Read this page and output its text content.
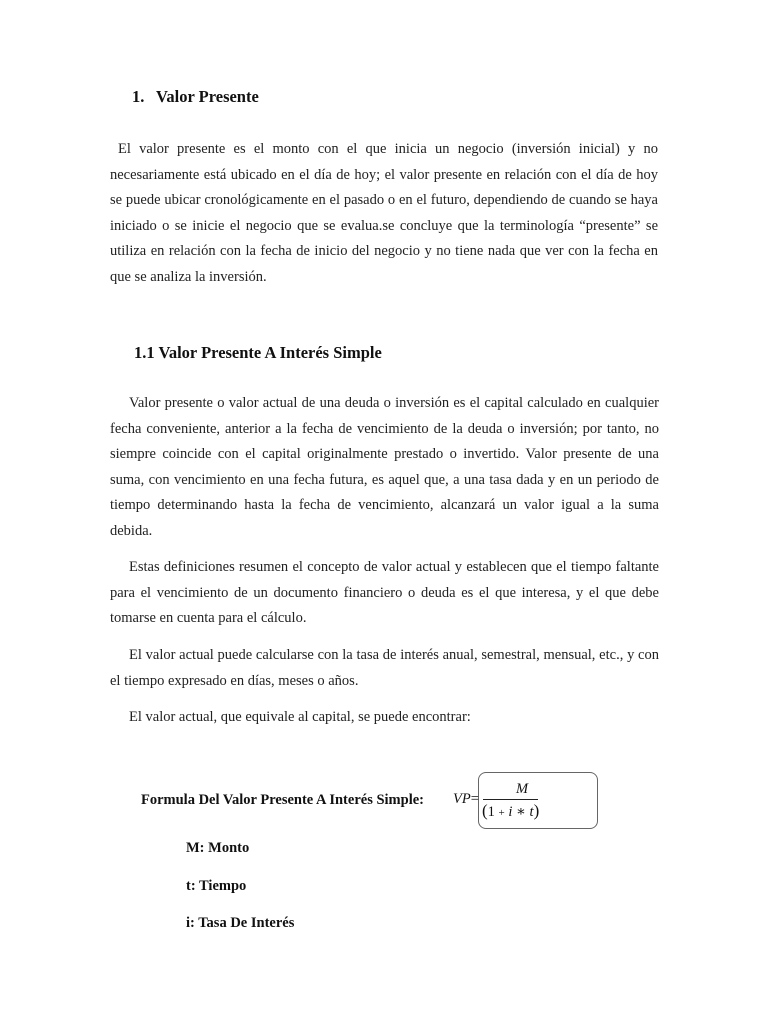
1. Valor Presente

El valor presente es el monto con el que inicia un negocio (inversión inicial) y no necesariamente está ubicado en el día de hoy; el valor presente en relación con el día de hoy se puede ubicar cronológicamente en el pasado o en el futuro, dependiendo de cuando se haya iniciado o se inicie el negocio que se evalua.se concluye que la terminología “presente” se utiliza en relación con la fecha de inicio del negocio y no tiene nada que ver con la fecha en que se analiza la inversión.

1.1 Valor Presente A Interés Simple

Valor presente o valor actual de una deuda o inversión es el capital calculado en cualquier fecha conveniente, anterior a la fecha de vencimiento de la deuda o inversión; por tanto, no siempre coincide con el capital originalmente prestado o invertido. Valor presente de una suma, con vencimiento en una fecha futura, es aquel que, a una tasa dada y en un periodo de tiempo determinando hasta la fecha de vencimiento, alcanzará un valor igual a la suma debida.

Estas definiciones resumen el concepto de valor actual y establecen que el tiempo faltante para el vencimiento de un documento financiero o deuda es el que interesa, y el que debe tomarse en cuenta para el cálculo.

El valor actual puede calcularse con la tasa de interés anual, semestral, mensual, etc., y con el tiempo expresado en días, meses o años.

El valor actual, que equivale al capital, se puede encontrar:

Formula Del Valor Presente A Interés Simple: VP=
M
(1 + i ∗ t)
M: Monto
t: Tiempo
i: Tasa De Interés
